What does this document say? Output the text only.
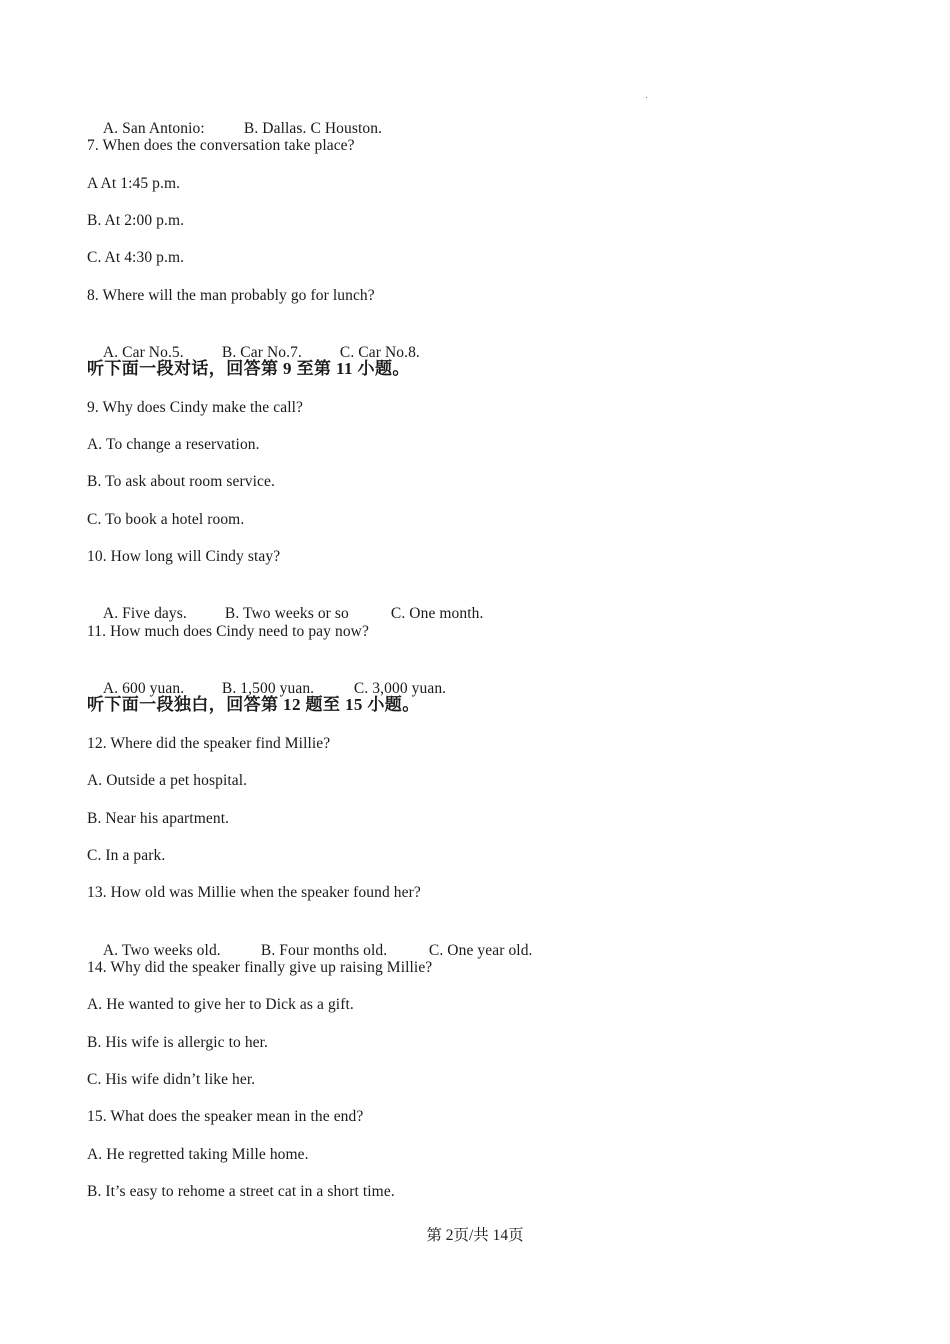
A. San Antonio:	B. Dallas. C Houston.

7. When does the conversation take place?
A At 1:45 p.m.
B. At 2:00 p.m.
C. At 4:30 p.m.
8. Where will the man probably go for lunch?

A. Car No.5. B. Car No.7. C. Car No.8.

听下面一段对话，回答第 9 至第 11 小题。
9. Why does Cindy make the call?
A. To change a reservation.
B. To ask about room service.
C. To book a hotel room.
10. How long will Cindy stay?

A. Five days. B. Two weeks or so	C. One month.

11. How much does Cindy need to pay now?

A. 600 yuan. B. 1,500 yuan.	C. 3,000 yuan.

听下面一段独白，回答第 12 题至 15 小题。
12. Where did the speaker find Millie?
A. Outside a pet hospital.
B. Near his apartment.
C. In a park.
13. How old was Millie when the speaker found her?

A. Two weeks old.	B. Four months old.	C. One year old.

14. Why did the speaker finally give up raising Millie?
A. He wanted to give her to Dick as a gift.
B. His wife is allergic to her.
C. His wife didn’t like her.
15. What does the speaker mean in the end?
A. He regretted taking Mille home.
B. It’s easy to rehome a street cat in a short time.
第 2页/共 14页
